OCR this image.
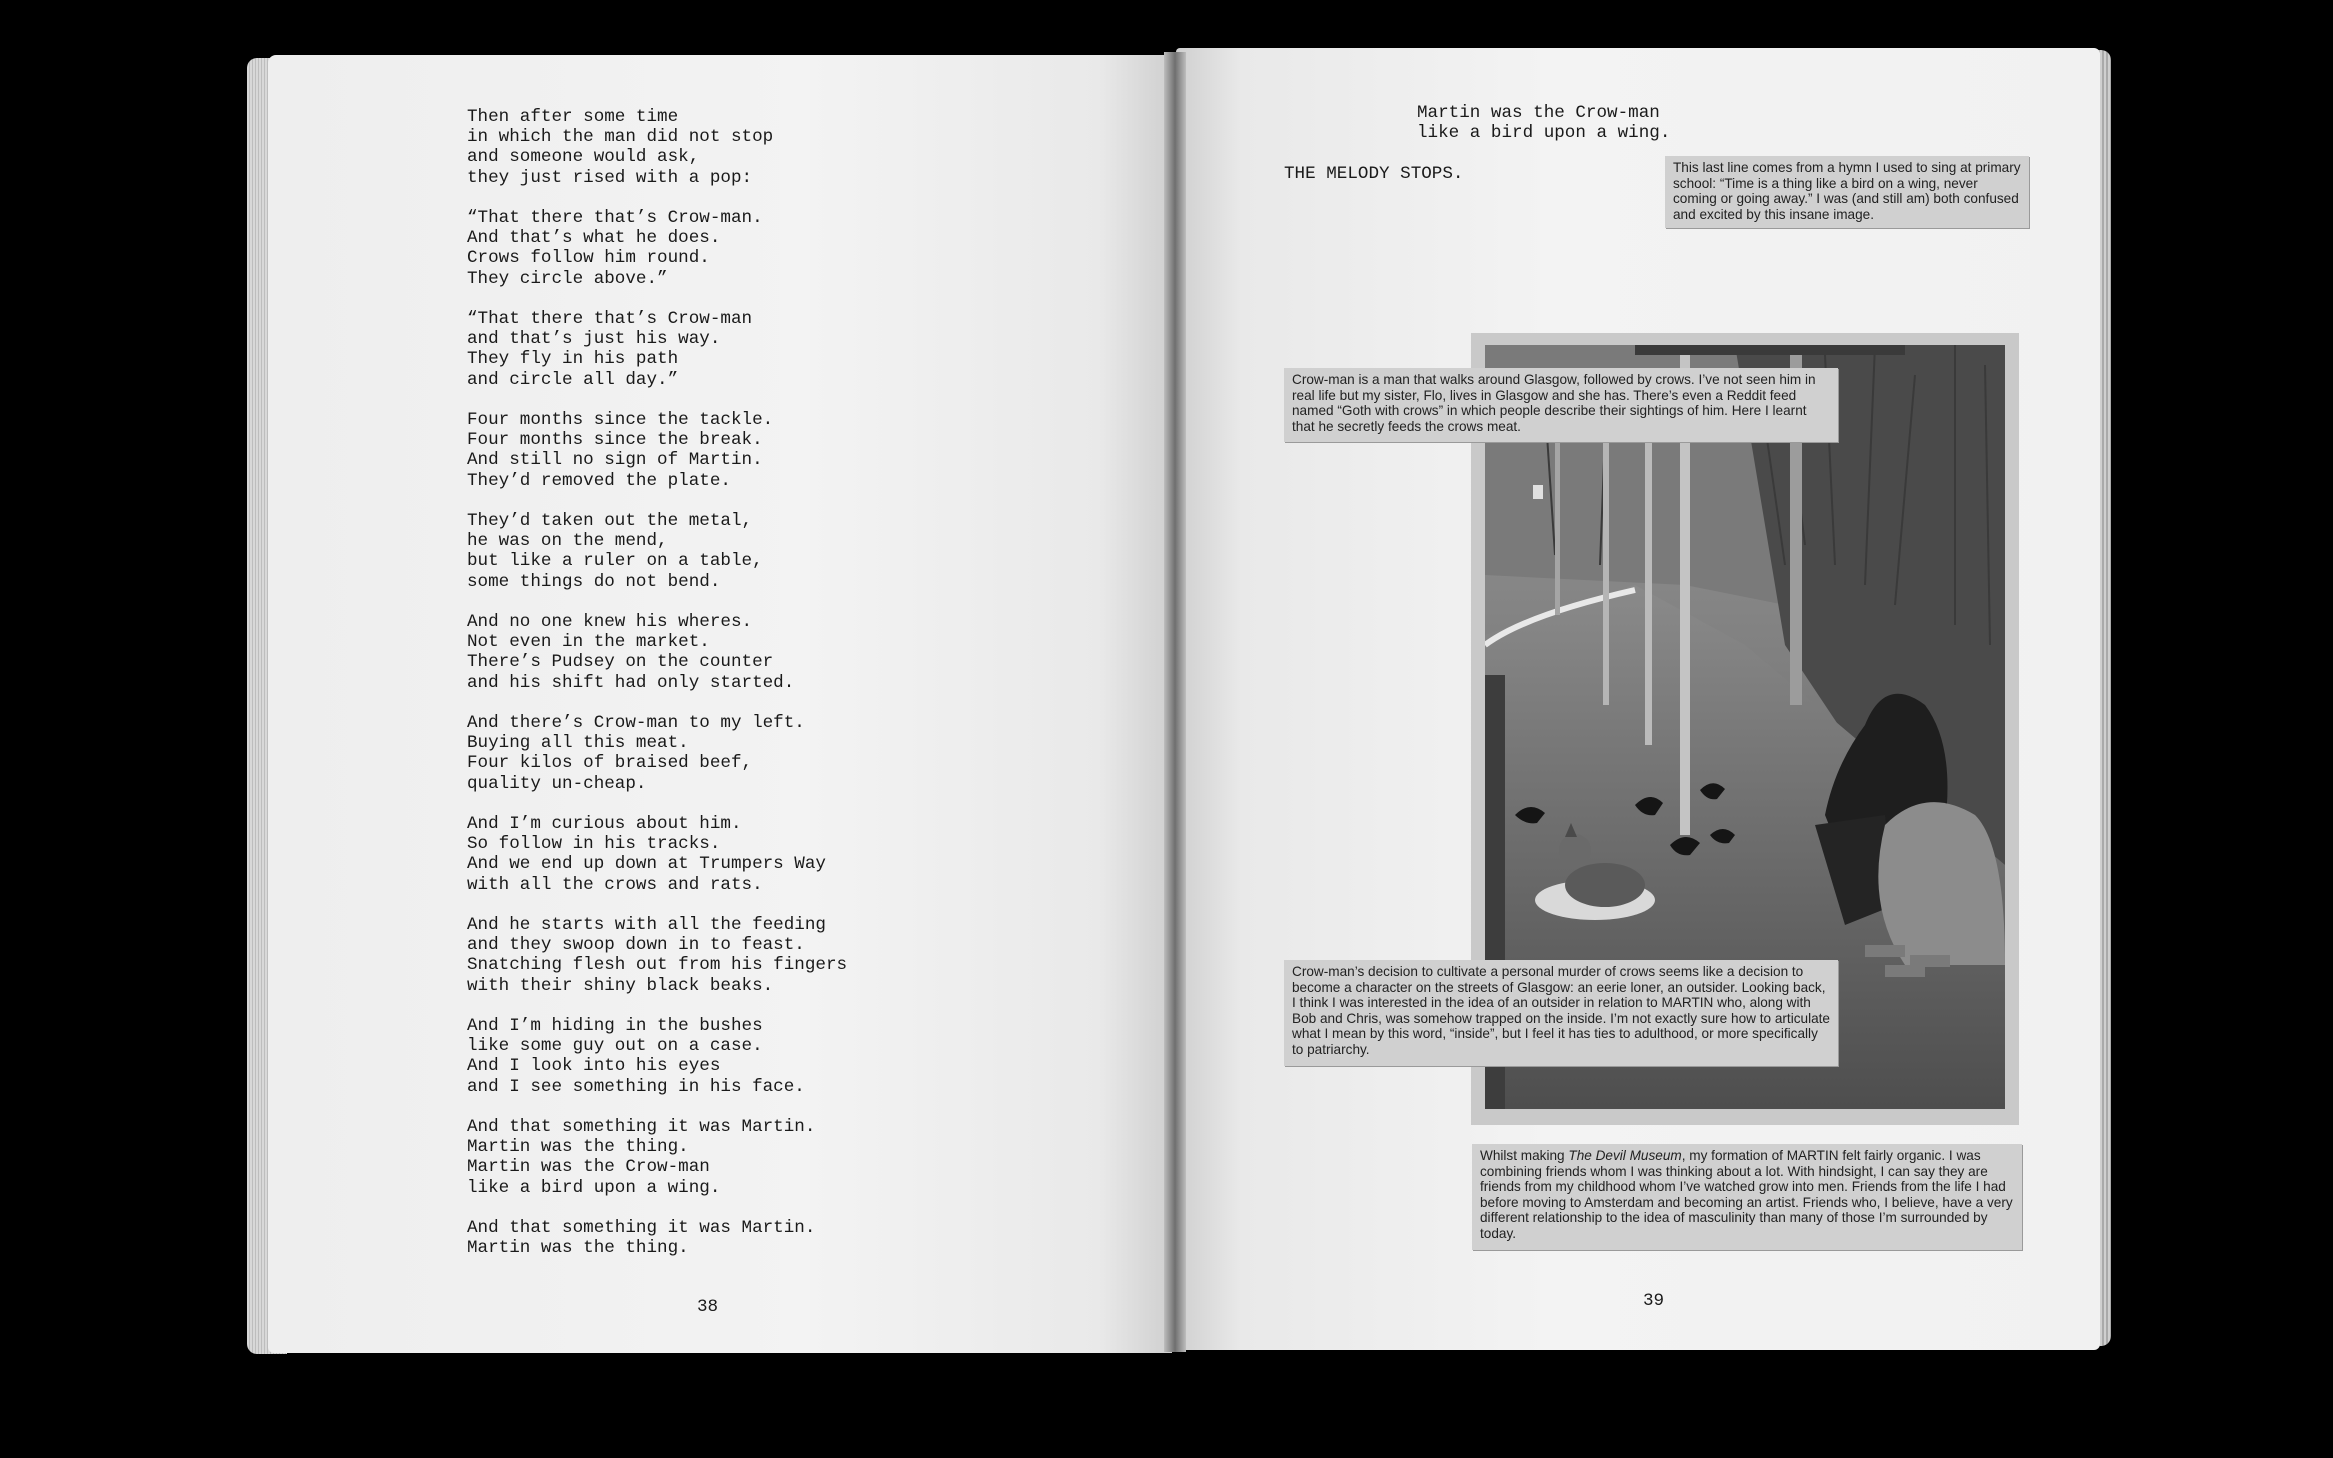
Then after some time
in which the man did not stop
and someone would ask,
they just rised with a pop:
“That there that’s Crow-man.
And that’s what he does.
Crows follow him round.
They circle above.”
“That there that’s Crow-man
and that’s just his way.
They fly in his path
and circle all day.”
Four months since the tackle.
Four months since the break.
And still no sign of Martin.
They’d removed the plate.
They’d taken out the metal,
he was on the mend,
but like a ruler on a table,
some things do not bend.
And no one knew his wheres.
Not even in the market.
There’s Pudsey on the counter
and his shift had only started.
And there’s Crow-man to my left.
Buying all this meat.
Four kilos of braised beef,
quality un-cheap.
And I’m curious about him.
So follow in his tracks.
And we end up down at Trumpers Way
with all the crows and rats.
And he starts with all the feeding
and they swoop down in to feast.
Snatching flesh out from his fingers
with their shiny black beaks.
And I’m hiding in the bushes
like some guy out on a case.
And I look into his eyes
and I see something in his face.
And that something it was Martin.
Martin was the thing.
Martin was the Crow-man
like a bird upon a wing.
And that something it was Martin.
Martin was the thing.
38
Martin was the Crow-man
like a bird upon a wing.
THE MELODY STOPS.	This last line comes from a hymn I used to sing at primary school: “Time is a thing like a bird on a wing, never coming or going away.” I was (and still am) both confused and excited by this insane image.
Crow-man is a man that walks around Glasgow, followed by crows. I’ve not seen him in real life but my sister, Flo, lives in Glasgow and she has. There’s even a Reddit feed named “Goth with crows” in which people describe their sightings of him. Here I learnt that he secretly feeds the crows meat.
Crow-man’s decision to cultivate a personal murder of crows seems like a decision to become a character on the streets of Glasgow: an eerie loner, an outsider. Looking back, I think I was interested in the idea of an outsider in relation to MARTIN who, along with Bob and Chris, was somehow trapped on the inside. I’m not exactly sure how to articulate what I mean by this word, “inside”, but I feel it has ties to adulthood, or more specifically to patriarchy.
Whilst making The Devil Museum, my formation of MARTIN felt fairly organic. I was combining friends whom I was thinking about a lot. With hindsight, I can say they are friends from my childhood whom I’ve watched grow into men. Friends from the life I had before moving to Amsterdam and becoming an artist. Friends who, I believe, have a very different relationship to the idea of masculinity than many of those I’m surrounded by today.
39
